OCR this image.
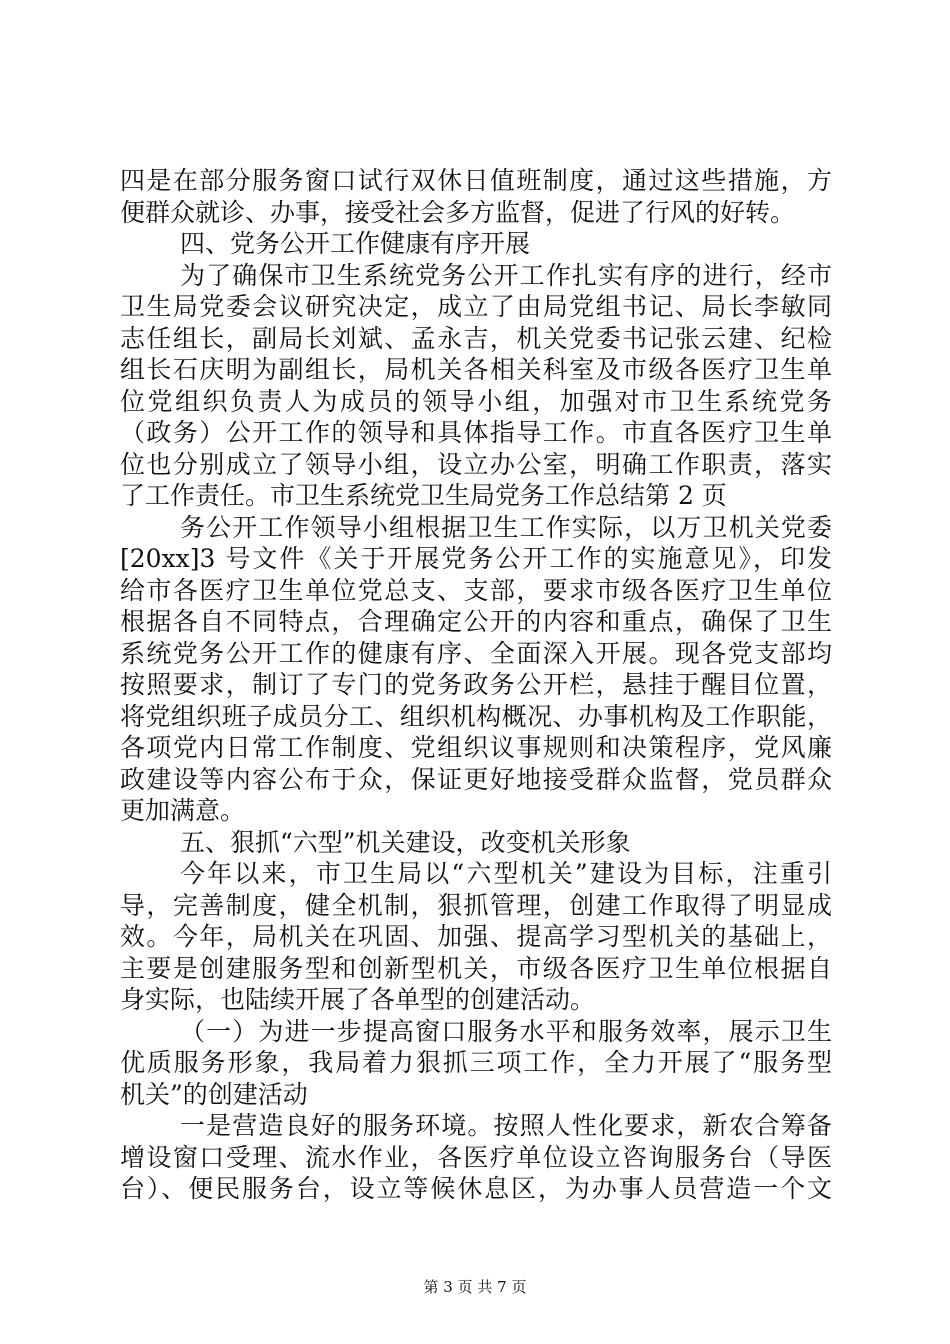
四是在部分服务窗口试行双休日值班制度，通过这些措施，方
便群众就诊、办事，接受社会多方监督，促进了行风的好转。
四、党务公开工作健康有序开展
为了确保市卫生系统党务公开工作扎实有序的进行，经市
卫生局党委会议研究决定，成立了由局党组书记、局长李敏同
志任组长，副局长刘斌、孟永吉，机关党委书记张云建、纪检
组长石庆明为副组长，局机关各相关科室及市级各医疗卫生单
位党组织负责人为成员的领导小组，加强对市卫生系统党务
（政务）公开工作的领导和具体指导工作。市直各医疗卫生单
位也分别成立了领导小组，设立办公室，明确工作职责，落实
了工作责任。市卫生系统党卫生局党务工作总结第 2 页
务公开工作领导小组根据卫生工作实际，以万卫机关党委
[20xx]3 号文件《关于开展党务公开工作的实施意见》，印发
给市各医疗卫生单位党总支、支部，要求市级各医疗卫生单位
根据各自不同特点，合理确定公开的内容和重点，确保了卫生
系统党务公开工作的健康有序、全面深入开展。现各党支部均
按照要求，制订了专门的党务政务公开栏，悬挂于醒目位置，
将党组织班子成员分工、组织机构概况、办事机构及工作职能，
各项党内日常工作制度、党组织议事规则和决策程序，党风廉
政建设等内容公布于众，保证更好地接受群众监督，党员群众
更加满意。
五、狠抓“六型”机关建设，改变机关形象
今年以来，市卫生局以“六型机关”建设为目标，注重引
导，完善制度，健全机制，狠抓管理，创建工作取得了明显成
效。今年，局机关在巩固、加强、提高学习型机关的基础上，
主要是创建服务型和创新型机关，市级各医疗卫生单位根据自
身实际，也陆续开展了各单型的创建活动。
（一）为进一步提高窗口服务水平和服务效率，展示卫生
优质服务形象，我局着力狠抓三项工作，全力开展了“服务型
机关”的创建活动
一是营造良好的服务环境。按照人性化要求，新农合筹备
增设窗口受理、流水作业，各医疗单位设立咨询服务台（导医
台）、便民服务台，设立等候休息区，为办事人员营造一个文
第 3 页 共 7 页
